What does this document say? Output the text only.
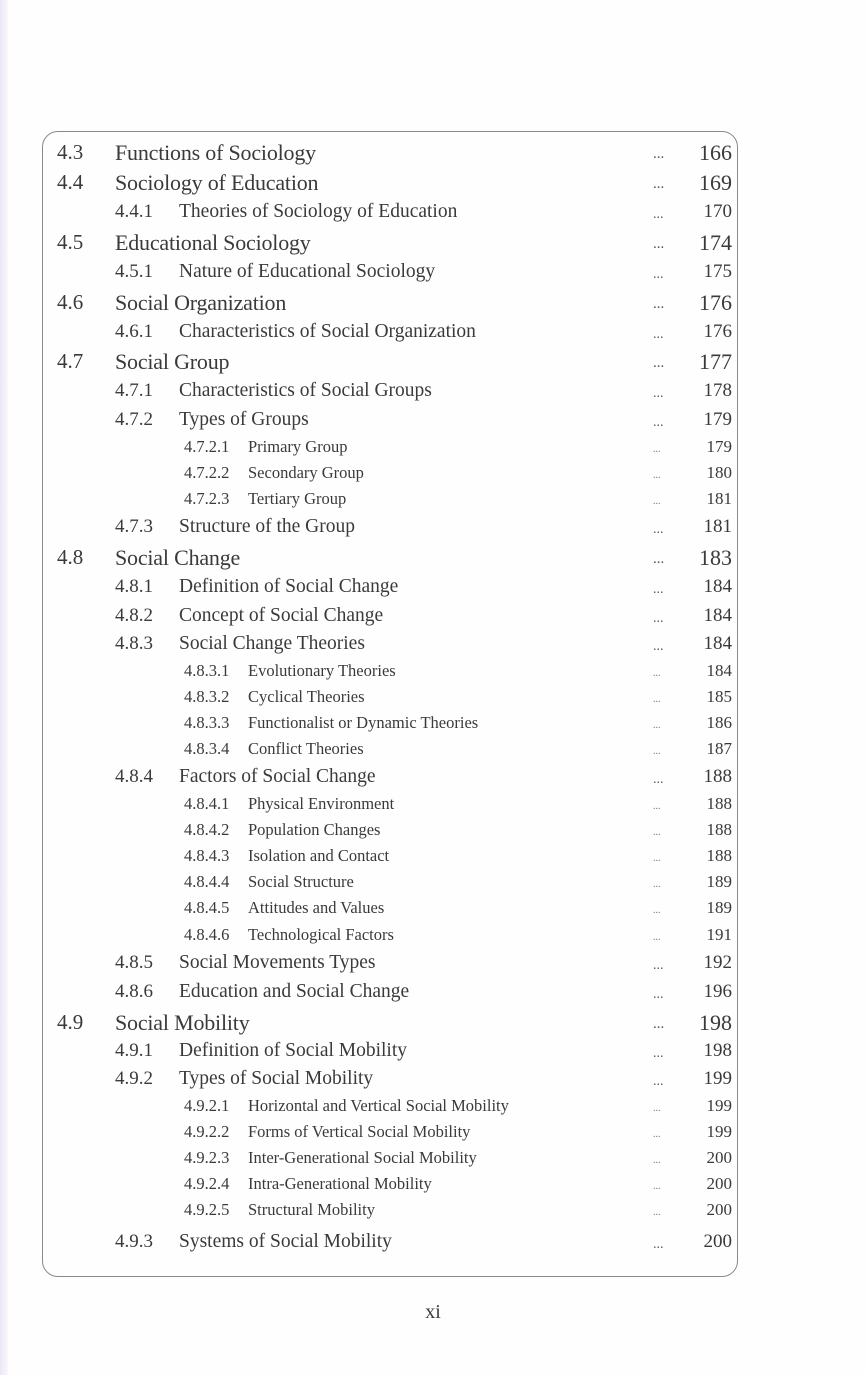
4.3 Functions of Sociology	... 166
4.4 Sociology of Education	... 169
4.4.1 Theories of Sociology of Education	... 170
4.5 Educational Sociology	... 174
4.5.1 Nature of Educational Sociology	... 175
4.6 Social Organization	... 176
4.6.1 Characteristics of Social Organization	... 176
4.7 Social Group	... 177
4.7.1 Characteristics of Social Groups	... 178
4.7.2 Types of Groups	... 179
4.7.2.1 Primary Group	...	179
4.7.2.2 Secondary Group	...	180
4.7.2.3 Tertiary Group	...	181
4.7.3 Structure of the Group	... 181
4.8 Social Change	... 183
4.8.1 Definition of Social Change	... 184
4.8.2 Concept of Social Change	... 184
4.8.3 Social Change Theories	... 184
4.8.3.1 Evolutionary Theories	...	184
4.8.3.2 Cyclical Theories	...	185
4.8.3.3 Functionalist or Dynamic Theories	...	186
4.8.3.4 Conflict Theories	...	187
4.8.4 Factors of Social Change	... 188
4.8.4.1 Physical Environment	...	188
4.8.4.2 Population Changes	...	188
4.8.4.3 Isolation and Contact	...	188
4.8.4.4 Social Structure	...	189
4.8.4.5 Attitudes and Values	...	189
4.8.4.6 Technological Factors	...	191
4.8.5 Social Movements Types	... 192
4.8.6 Education and Social Change	... 196
4.9 Social Mobility	... 198
4.9.1 Definition of Social Mobility	... 198
4.9.2 Types of Social Mobility	... 199
4.9.2.1 Horizontal and Vertical Social Mobility	...	199
4.9.2.2 Forms of Vertical Social Mobility	...	199
4.9.2.3 Inter-Generational Social Mobility	...	200
4.9.2.4 Intra-Generational Mobility	...	200
4.9.2.5 Structural Mobility	...	200
4.9.3 Systems of Social Mobility	... 200
xi
